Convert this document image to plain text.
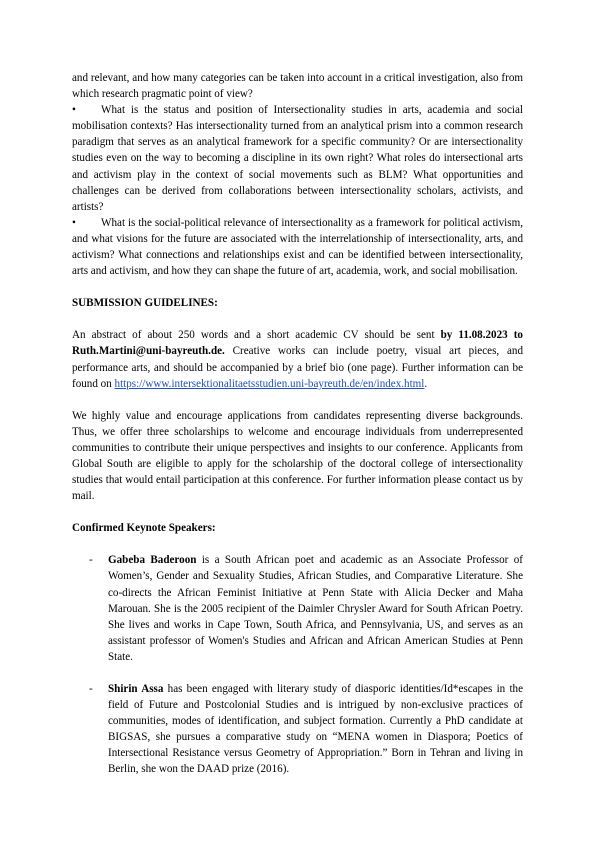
and relevant, and how many categories can be taken into account in a critical investigation, also from which research pragmatic point of view?

• What is the status and position of Intersectionality studies in arts, academia and social mobilisation contexts? Has intersectionality turned from an analytical prism into a common research paradigm that serves as an analytical framework for a specific community? Or are intersectionality studies even on the way to becoming a discipline in its own right? What roles do intersectional arts and activism play in the context of social movements such as BLM? What opportunities and challenges can be derived from collaborations between intersectionality scholars, activists, and artists?

• What is the social-political relevance of intersectionality as a framework for political activism, and what visions for the future are associated with the interrelationship of intersectionality, arts, and activism? What connections and relationships exist and can be identified between intersectionality, arts and activism, and how they can shape the future of art, academia, work, and social mobilisation.

SUBMISSION GUIDELINES:

An abstract of about 250 words and a short academic CV should be sent by 11.08.2023 to Ruth.Martini@uni-bayreuth.de. Creative works can include poetry, visual art pieces, and performance arts, and should be accompanied by a brief bio (one page). Further information can be found on https://www.intersektionalitaetsstudien.uni-bayreuth.de/en/index.html.

We highly value and encourage applications from candidates representing diverse backgrounds. Thus, we offer three scholarships to welcome and encourage individuals from underrepresented communities to contribute their unique perspectives and insights to our conference. Applicants from Global South are eligible to apply for the scholarship of the doctoral college of intersectionality studies that would entail participation at this conference. For further information please contact us by mail.

Confirmed Keynote Speakers:

- Gabeba Baderoon is a South African poet and academic as an Associate Professor of Women’s, Gender and Sexuality Studies, African Studies, and Comparative Literature. She co-directs the African Feminist Initiative at Penn State with Alicia Decker and Maha Marouan. She is the 2005 recipient of the Daimler Chrysler Award for South African Poetry. She lives and works in Cape Town, South Africa, and Pennsylvania, US, and serves as an assistant professor of Women's Studies and African and African American Studies at Penn State.

- Shirin Assa has been engaged with literary study of diasporic identities/Id*escapes in the field of Future and Postcolonial Studies and is intrigued by non-exclusive practices of communities, modes of identification, and subject formation. Currently a PhD candidate at BIGSAS, she pursues a comparative study on “MENA women in Diaspora; Poetics of Intersectional Resistance versus Geometry of Appropriation.” Born in Tehran and living in Berlin, she won the DAAD prize (2016).
